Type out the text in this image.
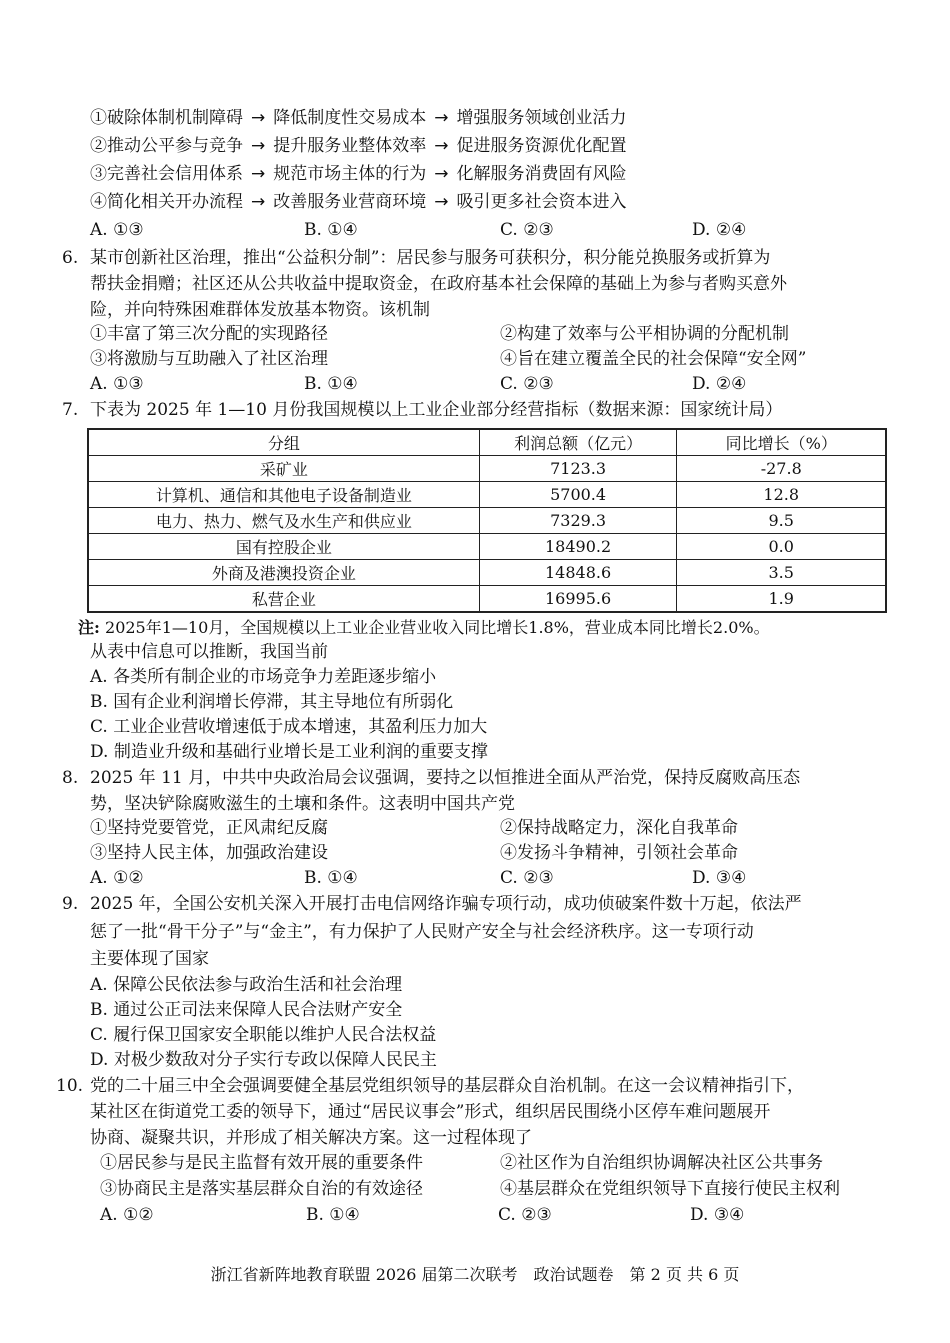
①破除体制机制障碍 → 降低制度性交易成本 → 增强服务领域创业活力
②推动公平参与竞争 → 提升服务业整体效率 → 促进服务资源优化配置
③完善社会信用体系 → 规范市场主体的行为 → 化解服务消费固有风险
④简化相关开办流程 → 改善服务业营商环境 → 吸引更多社会资本进入
A. ①③	B. ①④	C. ②③	D. ②④
6. 某市创新社区治理，推出“公益积分制”：居民参与服务可获积分，积分能兑换服务或折算为
帮扶金捐赠；社区还从公共收益中提取资金，在政府基本社会保障的基础上为参与者购买意外
险，并向特殊困难群体发放基本物资。该机制
①丰富了第三次分配的实现路径	②构建了效率与公平相协调的分配机制
③将激励与互助融入了社区治理	④旨在建立覆盖全民的社会保障“安全网”
A. ①③	B. ①④	C. ②③	D. ②④
7. 下表为 2025 年 1—10 月份我国规模以上工业企业部分经营指标（数据来源：国家统计局）
分组	利润总额（亿元）	同比增长（%）
采矿业	7123.3	-27.8
计算机、通信和其他电子设备制造业	5700.4	12.8
电力、热力、燃气及水生产和供应业	7329.3	9.5
国有控股企业	18490.2	0.0
外商及港澳投资企业	14848.6	3.5
私营企业	16995.6	1.9
注: 2025年1—10月，全国规模以上工业企业营业收入同比增长1.8%，营业成本同比增长2.0%。
从表中信息可以推断，我国当前
A. 各类所有制企业的市场竞争力差距逐步缩小
B. 国有企业利润增长停滞，其主导地位有所弱化
C. 工业企业营收增速低于成本增速，其盈利压力加大
D. 制造业升级和基础行业增长是工业利润的重要支撑
8. 2025 年 11 月，中共中央政治局会议强调，要持之以恒推进全面从严治党，保持反腐败高压态
势，坚决铲除腐败滋生的土壤和条件。这表明中国共产党
①坚持党要管党，正风肃纪反腐	②保持战略定力，深化自我革命
③坚持人民主体，加强政治建设	④发扬斗争精神，引领社会革命
A. ①②	B. ①④	C. ②③	D. ③④
9. 2025 年，全国公安机关深入开展打击电信网络诈骗专项行动，成功侦破案件数十万起，依法严
惩了一批“骨干分子”与“金主”，有力保护了人民财产安全与社会经济秩序。这一专项行动
主要体现了国家
A. 保障公民依法参与政治生活和社会治理
B. 通过公正司法来保障人民合法财产安全
C. 履行保卫国家安全职能以维护人民合法权益
D. 对极少数敌对分子实行专政以保障人民民主
10. 党的二十届三中全会强调要健全基层党组织领导的基层群众自治机制。在这一会议精神指引下，
某社区在街道党工委的领导下，通过“居民议事会”形式，组织居民围绕小区停车难问题展开
协商、凝聚共识，并形成了相关解决方案。这一过程体现了
①居民参与是民主监督有效开展的重要条件	②社区作为自治组织协调解决社区公共事务
③协商民主是落实基层群众自治的有效途径	④基层群众在党组织领导下直接行使民主权利
A. ①②	B. ①④	C. ②③	D. ③④
浙江省新阵地教育联盟 2026 届第二次联考　政治试题卷　第 2 页 共 6 页
